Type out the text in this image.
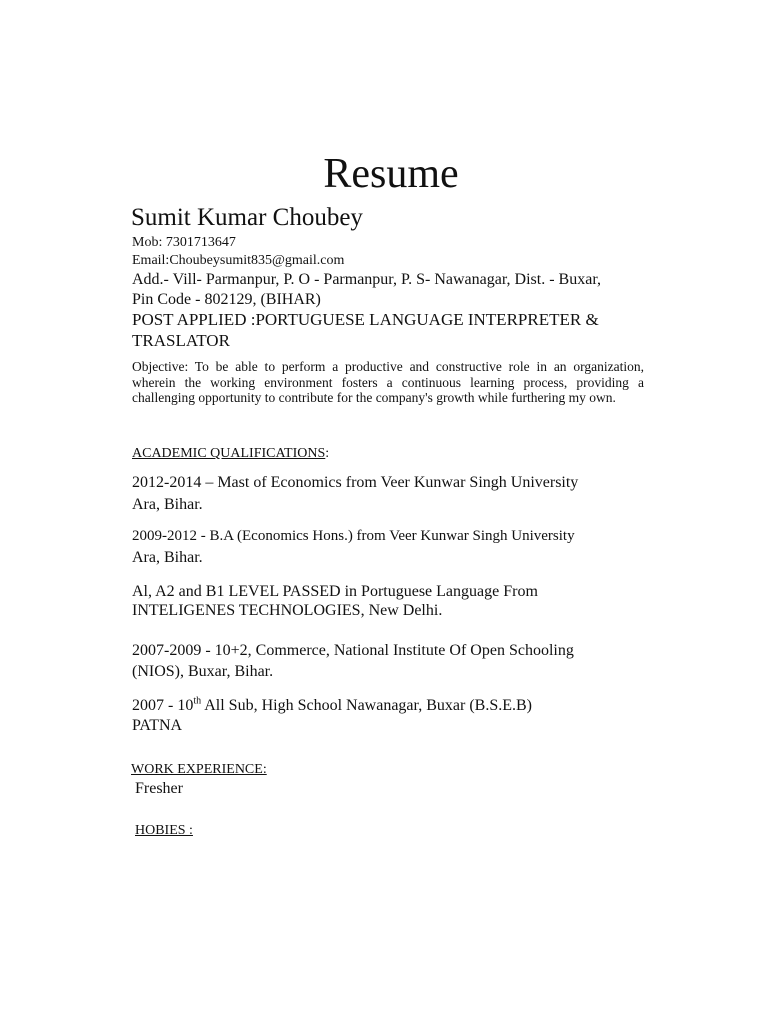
Resume
Sumit Kumar Choubey
Mob: 7301713647
Email:Choubeysumit835@gmail.com
Add.- Vill- Parmanpur, P. O - Parmanpur, P. S- Nawanagar, Dist. - Buxar,
Pin Code - 802129, (BIHAR)
POST APPLIED :PORTUGUESE LANGUAGE INTERPRETER &
TRASLATOR
Objective: To be able to perform a productive and constructive role in an organization, wherein the working environment fosters a continuous learning process, providing a challenging opportunity to contribute for the company's growth while furthering my own.
ACADEMIC QUALIFICATIONS:
2012-2014 – Mast of Economics from Veer Kunwar Singh University
Ara, Bihar.
2009-2012 - B.A (Economics Hons.) from Veer Kunwar Singh University
Ara, Bihar.
Al, A2 and B1 LEVEL PASSED in Portuguese Language From
INTELIGENES TECHNOLOGIES, New Delhi.
2007-2009 - 10+2, Commerce, National Institute Of Open Schooling
(NIOS), Buxar, Bihar.
2007 - 10th All Sub, High School Nawanagar, Buxar (B.S.E.B)
PATNA
WORK EXPERIENCE:
Fresher
HOBIES :
